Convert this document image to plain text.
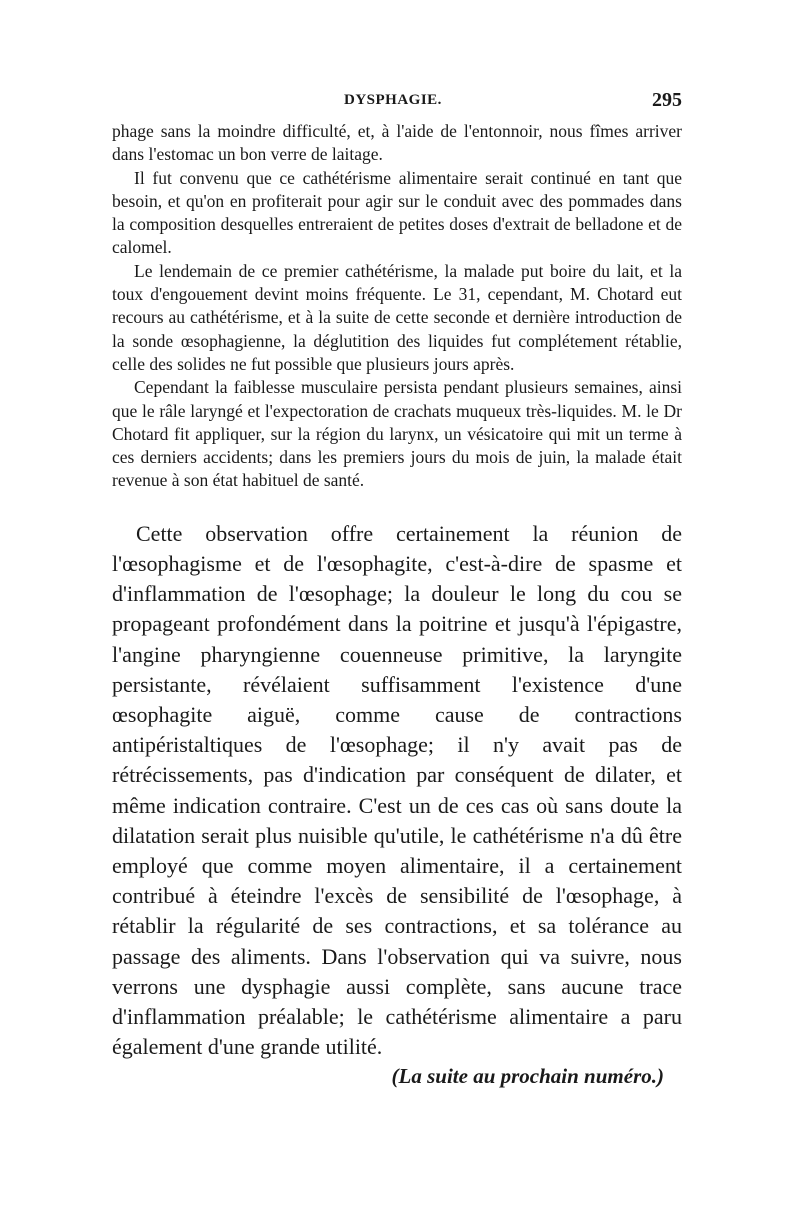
DYSPHAGIE.	295

phage sans la moindre difficulté, et, à l'aide de l'entonnoir, nous fîmes arriver dans l'estomac un bon verre de laitage.

Il fut convenu que ce cathétérisme alimentaire serait continué en tant que besoin, et qu'on en profiterait pour agir sur le conduit avec des pommades dans la composition desquelles entreraient de petites doses d'extrait de belladone et de calomel.

Le lendemain de ce premier cathétérisme, la malade put boire du lait, et la toux d'engouement devint moins fréquente. Le 31, cependant, M. Chotard eut recours au cathétérisme, et à la suite de cette seconde et dernière introduction de la sonde œsophagienne, la déglutition des liquides fut complétement rétablie, celle des solides ne fut possible que plusieurs jours après.

Cependant la faiblesse musculaire persista pendant plusieurs semaines, ainsi que le râle laryngé et l'expectoration de crachats muqueux très-liquides. M. le Dr Chotard fit appliquer, sur la région du larynx, un vésicatoire qui mit un terme à ces derniers accidents; dans les premiers jours du mois de juin, la malade était revenue à son état habituel de santé.

Cette observation offre certainement la réunion de l'œsophagisme et de l'œsophagite, c'est-à-dire de spasme et d'inflammation de l'œsophage; la douleur le long du cou se propageant profondément dans la poitrine et jusqu'à l'épigastre, l'angine pharyngienne couenneuse primitive, la laryngite persistante, révélaient suffisamment l'existence d'une œsophagite aiguë, comme cause de contractions antipéristaltiques de l'œsophage; il n'y avait pas de rétrécissements, pas d'indication par conséquent de dilater, et même indication contraire. C'est un de ces cas où sans doute la dilatation serait plus nuisible qu'utile, le cathétérisme n'a dû être employé que comme moyen alimentaire, il a certainement contribué à éteindre l'excès de sensibilité de l'œsophage, à rétablir la régularité de ses contractions, et sa tolérance au passage des aliments. Dans l'observation qui va suivre, nous verrons une dysphagie aussi complète, sans aucune trace d'inflammation préalable; le cathétérisme alimentaire a paru également d'une grande utilité.

(La suite au prochain numéro.)
